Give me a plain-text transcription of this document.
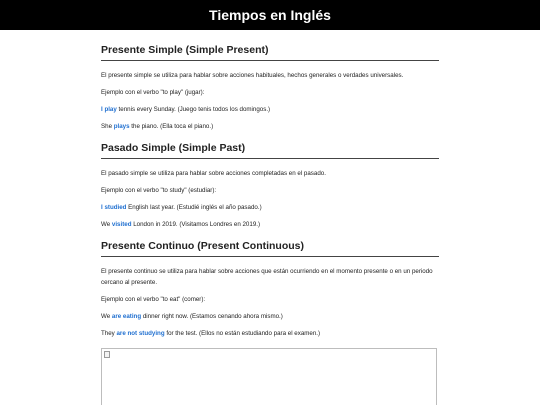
Tiempos en Inglés
Presente Simple (Simple Present)

El presente simple se utiliza para hablar sobre acciones habituales, hechos generales o verdades universales.

Ejemplo con el verbo "to play" (jugar):

I play tennis every Sunday. (Juego tenis todos los domingos.)

She plays the piano. (Ella toca el piano.)

Pasado Simple (Simple Past)

El pasado simple se utiliza para hablar sobre acciones completadas en el pasado.

Ejemplo con el verbo "to study" (estudiar):

I studied English last year. (Estudié inglés el año pasado.)

We visited London in 2019. (Visitamos Londres en 2019.)

Presente Continuo (Present Continuous)

El presente continuo se utiliza para hablar sobre acciones que están ocurriendo en el momento presente o en un periodo cercano al presente.

Ejemplo con el verbo "to eat" (comer):

We are eating dinner right now. (Estamos cenando ahora mismo.)

They are not studying for the test. (Ellos no están estudiando para el examen.)
